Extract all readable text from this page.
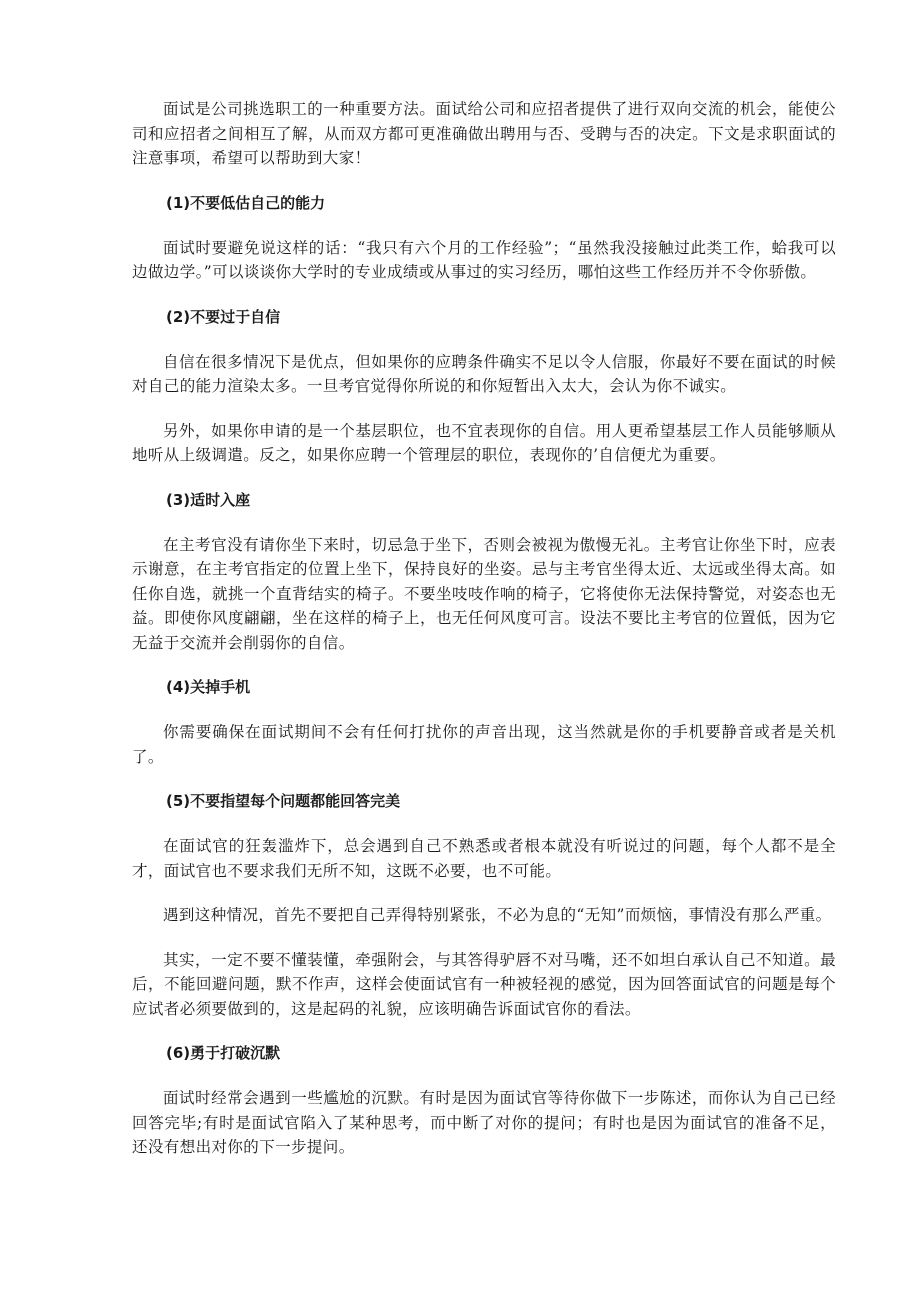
面试是公司挑选职工的一种重要方法。面试给公司和应招者提供了进行双向交流的机会，能使公司和应招者之间相互了解，从而双方都可更准确做出聘用与否、受聘与否的决定。下文是求职面试的注意事项，希望可以帮助到大家！

(1)不要低估自己的能力

面试时要避免说这样的话：“我只有六个月的工作经验”；“虽然我没接触过此类工作，蛤我可以边做边学。”可以谈谈你大学时的专业成绩或从事过的实习经历，哪怕这些工作经历并不令你骄傲。

(2)不要过于自信

自信在很多情况下是优点，但如果你的应聘条件确实不足以令人信服，你最好不要在面试的时候对自己的能力渲染太多。一旦考官觉得你所说的和你短暂出入太大，会认为你不诚实。

另外，如果你申请的是一个基层职位，也不宜表现你的自信。用人更希望基层工作人员能够顺从地听从上级调遣。反之，如果你应聘一个管理层的职位，表现你的’自信便尤为重要。

(3)适时入座

在主考官没有请你坐下来时，切忌急于坐下，否则会被视为傲慢无礼。主考官让你坐下时，应表示谢意，在主考官指定的位置上坐下，保持良好的坐姿。忌与主考官坐得太近、太远或坐得太高。如任你自选，就挑一个直背结实的椅子。不要坐吱吱作响的椅子，它将使你无法保持警觉，对姿态也无益。即使你风度翩翩，坐在这样的椅子上，也无任何风度可言。设法不要比主考官的位置低，因为它无益于交流并会削弱你的自信。

(4)关掉手机

你需要确保在面试期间不会有任何打扰你的声音出现，这当然就是你的手机要静音或者是关机了。

(5)不要指望每个问题都能回答完美

在面试官的狂轰滥炸下，总会遇到自己不熟悉或者根本就没有听说过的问题，每个人都不是全才，面试官也不要求我们无所不知，这既不必要，也不可能。

遇到这种情况，首先不要把自己弄得特别紧张，不必为息的“无知”而烦恼，事情没有那么严重。

其实，一定不要不懂装懂，牵强附会，与其答得驴唇不对马嘴，还不如坦白承认自己不知道。最后，不能回避问题，默不作声，这样会使面试官有一种被轻视的感觉，因为回答面试官的问题是每个应试者必须要做到的，这是起码的礼貌，应该明确告诉面试官你的看法。

(6)勇于打破沉默

面试时经常会遇到一些尴尬的沉默。有时是因为面试官等待你做下一步陈述，而你认为自己已经回答完毕;有时是面试官陷入了某种思考，而中断了对你的提问；有时也是因为面试官的准备不足，还没有想出对你的下一步提问。
